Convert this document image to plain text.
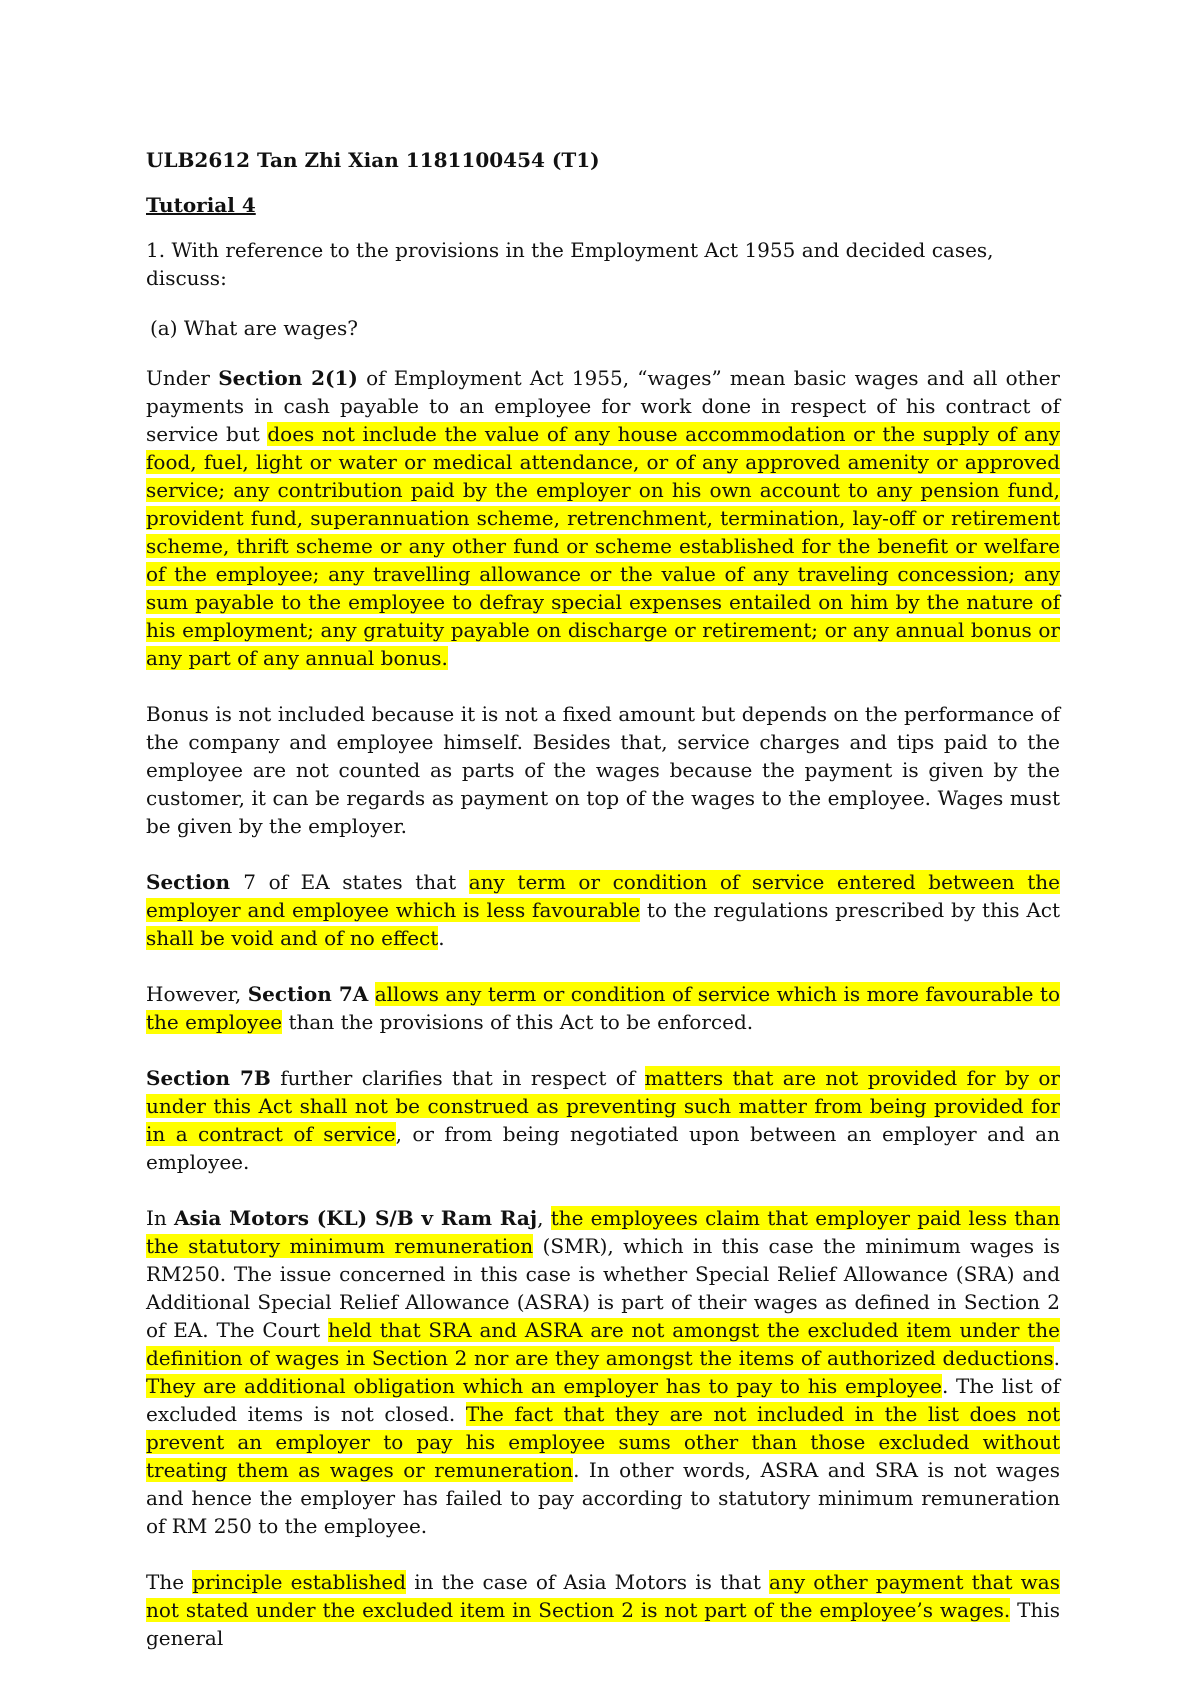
ULB2612 Tan Zhi Xian 1181100454 (T1)

Tutorial 4

1. With reference to the provisions in the Employment Act 1955 and decided cases, discuss:

(a) What are wages?

Under Section 2(1) of Employment Act 1955, “wages” mean basic wages and all other payments in cash payable to an employee for work done in respect of his contract of service but does not include the value of any house accommodation or the supply of any food, fuel, light or water or medical attendance, or of any approved amenity or approved service; any contribution paid by the employer on his own account to any pension fund, provident fund, superannuation scheme, retrenchment, termination, lay-off or retirement scheme, thrift scheme or any other fund or scheme established for the benefit or welfare of the employee; any travelling allowance or the value of any traveling concession; any sum payable to the employee to defray special expenses entailed on him by the nature of his employment; any gratuity payable on discharge or retirement; or any annual bonus or any part of any annual bonus.

Bonus is not included because it is not a fixed amount but depends on the performance of the company and employee himself. Besides that, service charges and tips paid to the employee are not counted as parts of the wages because the payment is given by the customer, it can be regards as payment on top of the wages to the employee. Wages must be given by the employer.

Section 7 of EA states that any term or condition of service entered between the employer and employee which is less favourable to the regulations prescribed by this Act shall be void and of no effect.

However, Section 7A allows any term or condition of service which is more favourable to the employee than the provisions of this Act to be enforced.

Section 7B further clarifies that in respect of matters that are not provided for by or under this Act shall not be construed as preventing such matter from being provided for in a contract of service, or from being negotiated upon between an employer and an employee.

In Asia Motors (KL) S/B v Ram Raj, the employees claim that employer paid less than the statutory minimum remuneration (SMR), which in this case the minimum wages is RM250. The issue concerned in this case is whether Special Relief Allowance (SRA) and Additional Special Relief Allowance (ASRA) is part of their wages as defined in Section 2 of EA. The Court held that SRA and ASRA are not amongst the excluded item under the definition of wages in Section 2 nor are they amongst the items of authorized deductions. They are additional obligation which an employer has to pay to his employee. The list of excluded items is not closed. The fact that they are not included in the list does not prevent an employer to pay his employee sums other than those excluded without treating them as wages or remuneration. In other words, ASRA and SRA is not wages and hence the employer has failed to pay according to statutory minimum remuneration of RM 250 to the employee.

The principle established in the case of Asia Motors is that any other payment that was not stated under the excluded item in Section 2 is not part of the employee’s wages. This general
